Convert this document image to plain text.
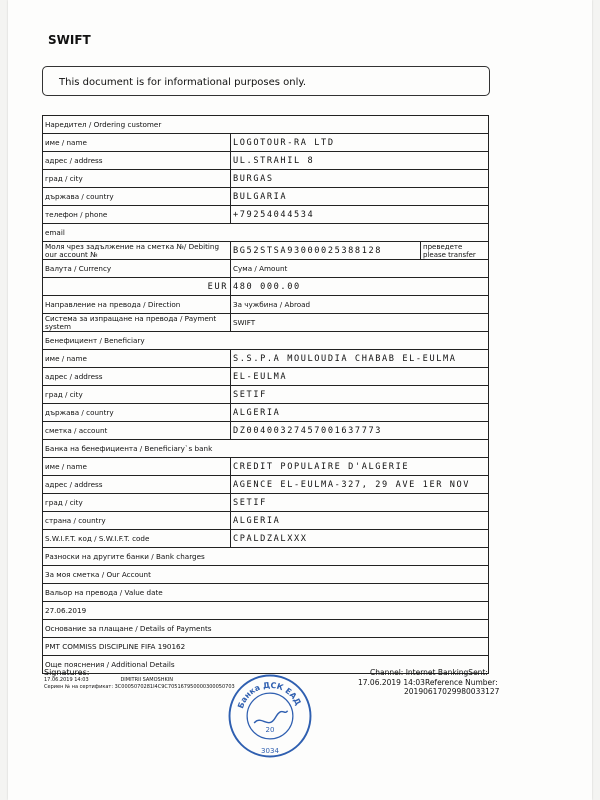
SWIFT
This document is for informational purposes only.
Наредител / Ordering customer		
име / name	LOGOTOUR-RA LTD	
адрес / address	UL.STRAHIL 8	
град / city	BURGAS	
държава / country	BULGARIA	
телефон / phone	+79254044534	
email		
Моля чрез задължение на сметка №/ Debiting our account №	BG52STSA93000025388128	преведете please transfer
Валута / Currency	Сума / Amount	
EUR	480 000.00	
Направление на превода / Direction	За чужбина / Abroad	
Система за изпращане на превода / Payment system	SWIFT	
Бенефициент / Beneficiary		
име / name	S.S.P.A MOULOUDIA CHABAB EL-EULMA	
адрес / address	EL-EULMA	
град / city	SETIF	
държава / country	ALGERIA	
сметка / account	DZ00400327457001637773	
Банка на бенефициента / Beneficiary`s bank		
име / name	CREDIT POPULAIRE D'ALGERIE	
адрес / address	AGENCE EL-EULMA-327, 29 AVE 1ER NOV	
град / city	SETIF	
страна / country	ALGERIA	
S.W.I.F.T. код / S.W.I.F.T. code	CPALDZALXXX	
Разноски на другите банки / Bank charges		
За моя сметка / Our Account		
Вальор на превода / Value date		
27.06.2019		
Основание за плащане / Details of Payments		
PMT COMMISS DISCIPLINE FIFA 190162		
Още пояснения / Additional Details		
Signatures:
17.06.2019 14:03	DIMITRII SAMOSHKIN
Сериен № на сертификат: 3C0005070281I4C9C705167950000300050703
Channel: Internet BankingSent:
17.06.2019 14:03Reference Number:
20190617029980033127
Банка ДСК ЕАД
20
3034
